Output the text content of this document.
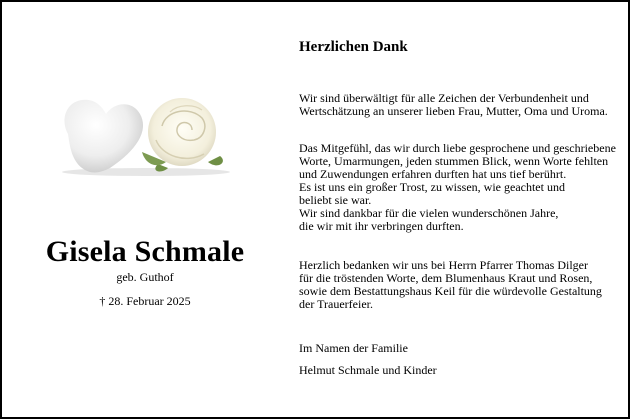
Gisela Schmale
geb. Guthof
† 28. Februar 2025
Herzlichen Dank
Wir sind überwältigt für alle Zeichen der Verbundenheit und
Wertschätzung an unserer lieben Frau, Mutter, Oma und Uroma.
Das Mitgefühl, das wir durch liebe gesprochene und geschriebene
Worte, Umarmungen, jeden stummen Blick, wenn Worte fehlten
und Zuwendungen erfahren durften hat uns tief berührt.
Es ist uns ein großer Trost, zu wissen, wie geachtet und
beliebt sie war.
Wir sind dankbar für die vielen wunderschönen Jahre,
die wir mit ihr verbringen durften.
Herzlich bedanken wir uns bei Herrn Pfarrer Thomas Dilger
für die tröstenden Worte, dem Blumenhaus Kraut und Rosen,
sowie dem Bestattungshaus Keil für die würdevolle Gestaltung
der Trauerfeier.
Im Namen der Familie
Helmut Schmale und Kinder
